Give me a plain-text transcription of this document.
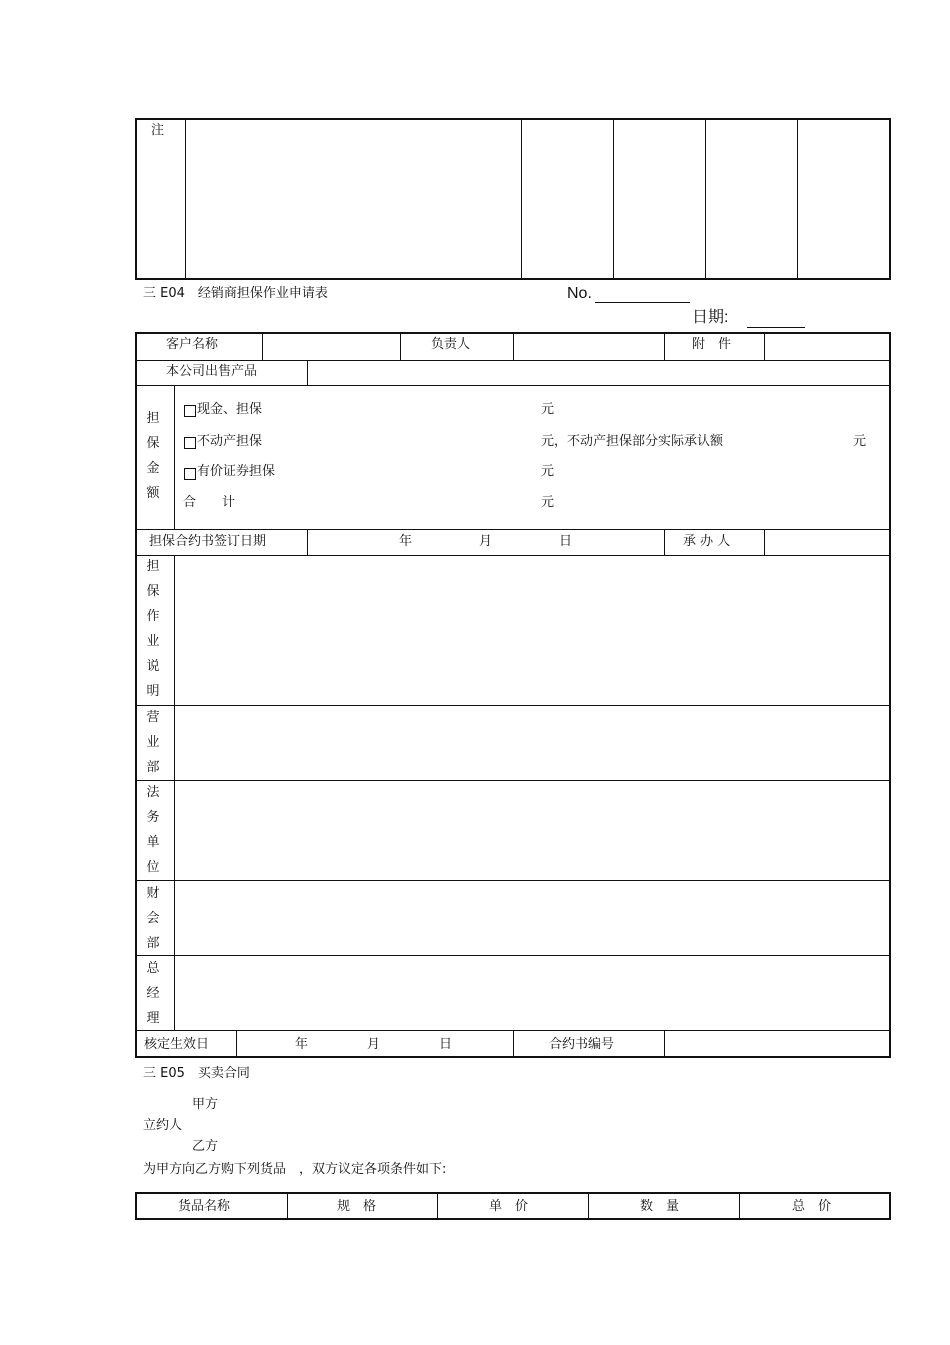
注
三 E04　经销商担保作业申请表	No.
日期:
客户名称	负责人	附　件
本公司出售产品
担
保
金
额
现金、担保	元
不动产担保	元，不动产担保部分实际承认额	元
有价证券担保	元
合　　计	元
担保合约书签订日期	年	月	日	承 办 人
担
保
作
业
说
明
营
业
部
法
务
单
位
财
会
部
总
经
理
核定生效日	年	月	日	合约书编号
三 E05　买卖合同
甲方
立约人
乙方
为甲方向乙方购下列货品　，双方议定各项条件如下:
货品名称	规　格	单　价	数　量	总　价
